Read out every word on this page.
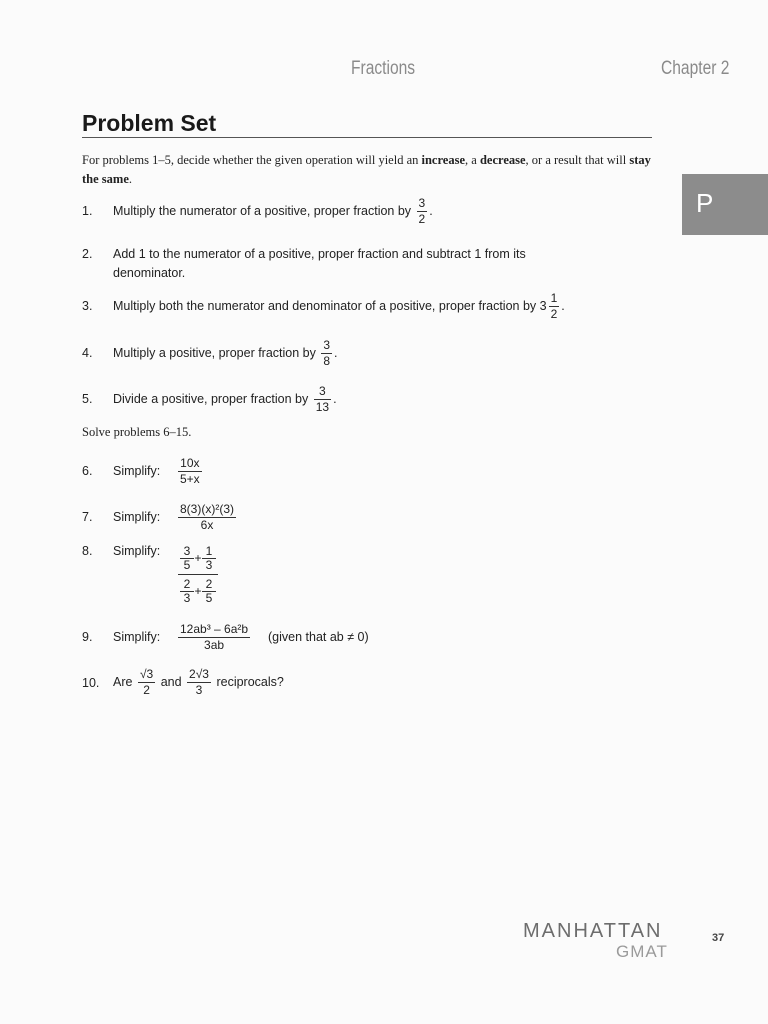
Fractions	Chapter 2
Problem Set
P
For problems 1–5, decide whether the given operation will yield an increase, a decrease, or a result that will stay the same.
1. Multiply the numerator of a positive, proper fraction by $\frac{3}{2}$ .
2. Add 1 to the numerator of a positive, proper fraction and subtract 1 from its
denominator.
3. Multiply both the numerator and denominator of a positive, proper fraction by $3 \frac{1}{2}$ .
4. Multiply a positive, proper fraction by $\frac{3}{8}$ .
5. Divide a positive, proper fraction by $\frac{3}{13}$ .
Solve problems 6–15.
6. Simplify: $\frac{10x}{5+x}$
7. Simplify: $\frac{\text{8(3)(x)²(3)}}{6x}$
8. Simplify: $\frac{3}{5} + \frac{1}{3}$
$\frac{2}{3} + \frac{2}{5}$
9. Simplify: $\frac{\text{12ab³ – 6a²b}}{3ab}$ (given that ab ≠ 0)
10. Are $\frac{√3}{2}$ and $\frac{2√3}{3}$ reciprocals?
MANHATTAN
GMAT
37
